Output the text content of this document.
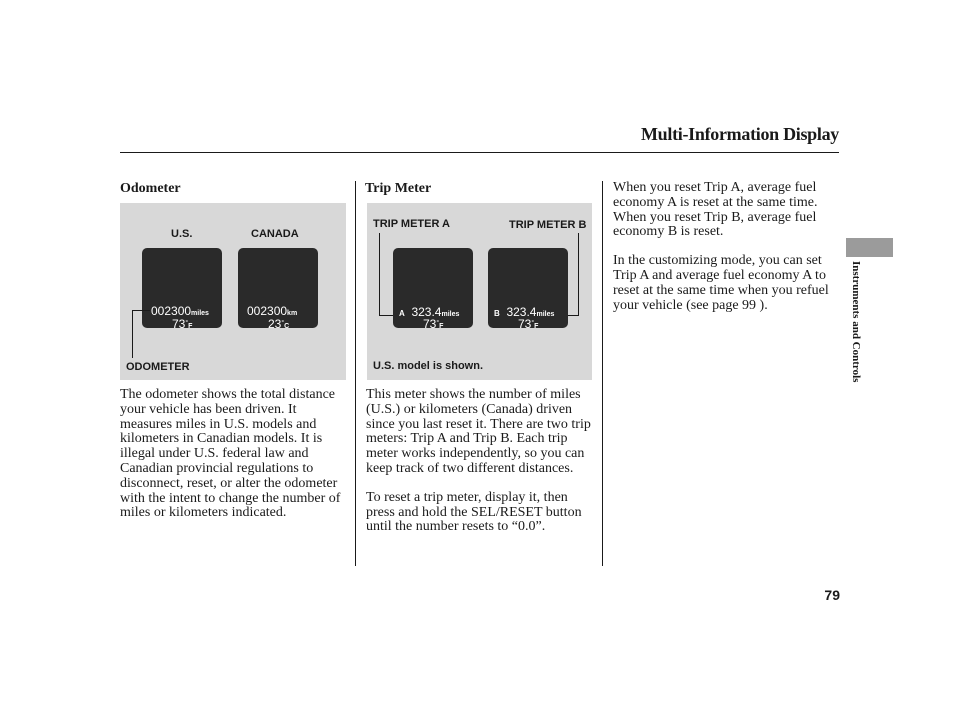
Multi-Information Display
Odometer
U.S.	CANADA
002300miles
73°F
002300km
23°C
ODOMETER

The odometer shows the total distance your vehicle has been driven. It measures miles in U.S. models and kilometers in Canadian models. It is illegal under U.S. federal law and Canadian provincial regulations to disconnect, reset, or alter the odometer with the intent to change the number of miles or kilometers indicated.

Trip Meter
TRIP METER A	TRIP METER B
A 323.4miles
73°F
B 323.4miles
73°F
U.S. model is shown.

This meter shows the number of miles (U.S.) or kilometers (Canada) driven since you last reset it. There are two trip meters: Trip A and Trip B. Each trip meter works independently, so you can keep track of two different distances.

To reset a trip meter, display it, then press and hold the SEL/RESET button until the number resets to “0.0”.

When you reset Trip A, average fuel economy A is reset at the same time. When you reset Trip B, average fuel economy B is reset.

In the customizing mode, you can set Trip A and average fuel economy A to reset at the same time when you refuel your vehicle (see page 99 ).	Instruments and Controls
79
